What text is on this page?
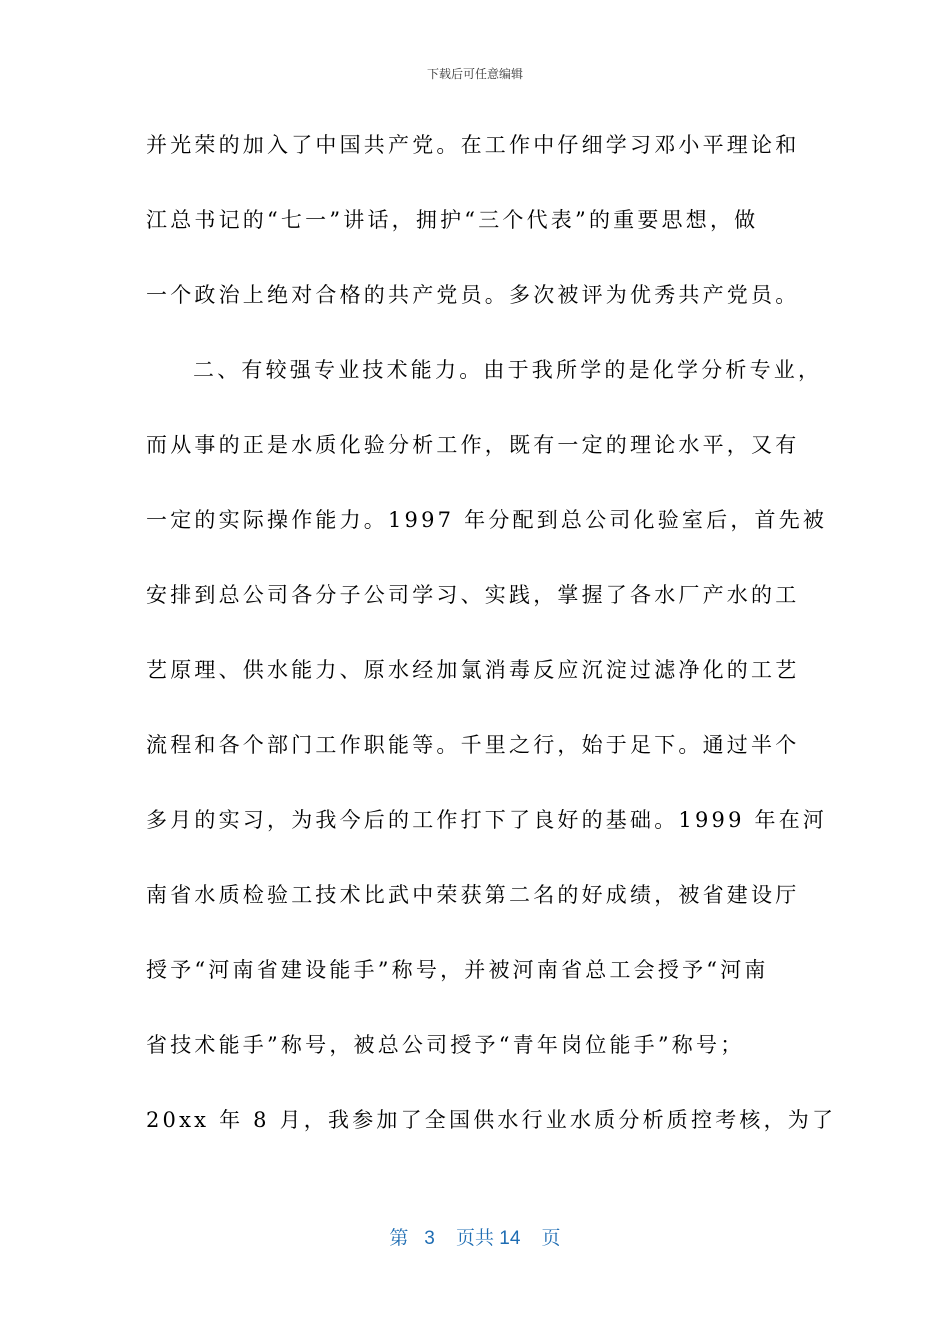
下载后可任意编辑
并光荣的加入了中国共产党。在工作中仔细学习邓小平理论和
江总书记的“七一”讲话，拥护“三个代表”的重要思想，做
一个政治上绝对合格的共产党员。多次被评为优秀共产党员。
二、有较强专业技术能力。由于我所学的是化学分析专业，
而从事的正是水质化验分析工作，既有一定的理论水平，又有
一定的实际操作能力。1997 年分配到总公司化验室后，首先被
安排到总公司各分子公司学习、实践，掌握了各水厂产水的工
艺原理、供水能力、原水经加氯消毒反应沉淀过滤净化的工艺
流程和各个部门工作职能等。千里之行，始于足下。通过半个
多月的实习，为我今后的工作打下了良好的基础。1999 年在河
南省水质检验工技术比武中荣获第二名的好成绩，被省建设厅
授予“河南省建设能手”称号，并被河南省总工会授予“河南
省技术能手”称号，被总公司授予“青年岗位能手”称号；
20xx 年 8 月，我参加了全国供水行业水质分析质控考核，为了
第 3 页共 14 页
